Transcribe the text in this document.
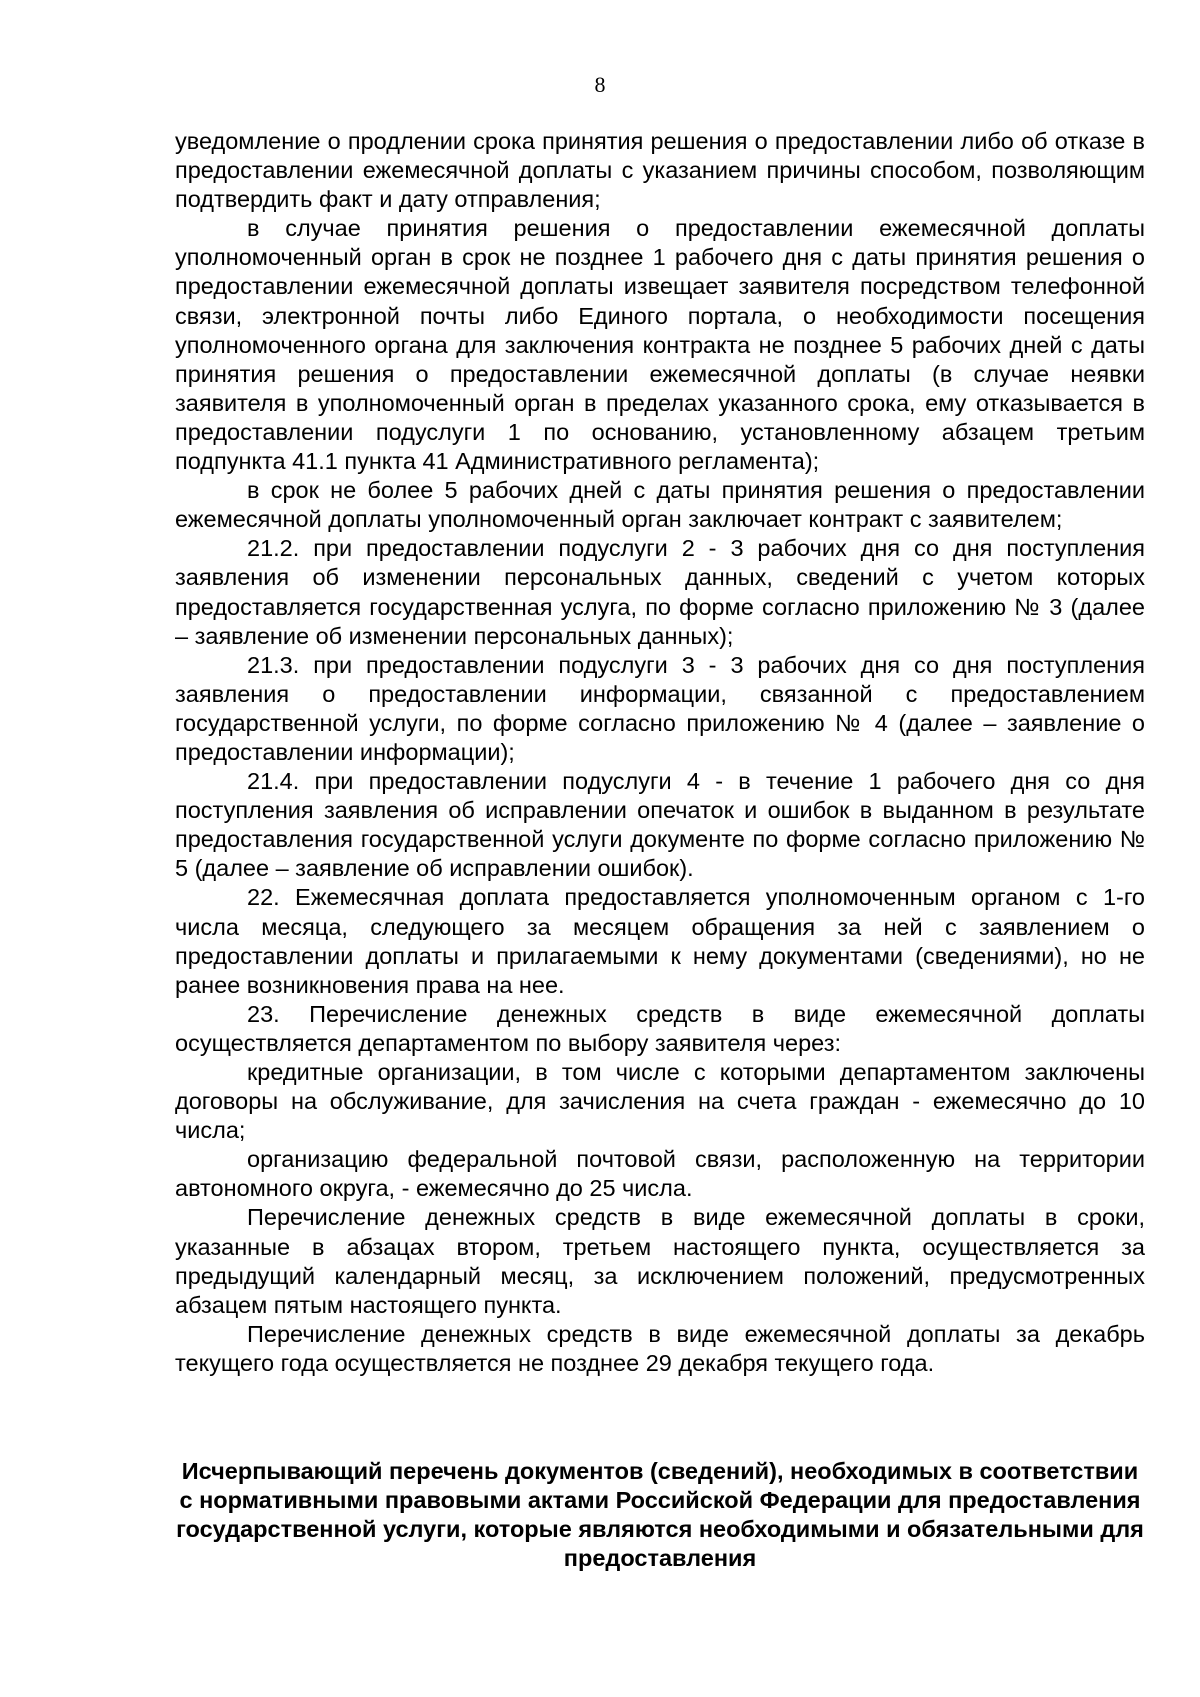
8

уведомление о продлении срока принятия решения о предоставлении либо об отказе в предоставлении ежемесячной доплаты с указанием причины способом, позволяющим подтвердить факт и дату отправления;

в случае принятия решения о предоставлении ежемесячной доплаты уполномоченный орган в срок не позднее 1 рабочего дня с даты принятия решения о предоставлении ежемесячной доплаты извещает заявителя посредством телефонной связи, электронной почты либо Единого портала, о необходимости посещения уполномоченного органа для заключения контракта не позднее 5 рабочих дней с даты принятия решения о предоставлении ежемесячной доплаты (в случае неявки заявителя в уполномоченный орган в пределах указанного срока, ему отказывается в предоставлении подуслуги 1 по основанию, установленному абзацем третьим подпункта 41.1 пункта 41 Административного регламента);

в срок не более 5 рабочих дней с даты принятия решения о предоставлении ежемесячной доплаты уполномоченный орган заключает контракт с заявителем;

21.2. при предоставлении подуслуги 2 - 3 рабочих дня со дня поступления заявления об изменении персональных данных, сведений с учетом которых предоставляется государственная услуга, по форме согласно приложению № 3 (далее – заявление об изменении персональных данных);

21.3. при предоставлении подуслуги 3 - 3 рабочих дня со дня поступления заявления о предоставлении информации, связанной с предоставлением государственной услуги, по форме согласно приложению № 4 (далее – заявление о предоставлении информации);

21.4. при предоставлении подуслуги 4 - в течение 1 рабочего дня со дня поступления заявления об исправлении опечаток и ошибок в выданном в результате предоставления государственной услуги документе по форме согласно приложению № 5 (далее – заявление об исправлении ошибок).

22. Ежемесячная доплата предоставляется уполномоченным органом с 1-го числа месяца, следующего за месяцем обращения за ней с заявлением о предоставлении доплаты и прилагаемыми к нему документами (сведениями), но не ранее возникновения права на нее.

23. Перечисление денежных средств в виде ежемесячной доплаты осуществляется департаментом по выбору заявителя через:

кредитные организации, в том числе с которыми департаментом заключены договоры на обслуживание, для зачисления на счета граждан - ежемесячно до 10 числа;

организацию федеральной почтовой связи, расположенную на территории автономного округа, - ежемесячно до 25 числа.

Перечисление денежных средств в виде ежемесячной доплаты в сроки, указанные в абзацах втором, третьем настоящего пункта, осуществляется за предыдущий календарный месяц, за исключением положений, предусмотренных абзацем пятым настоящего пункта.

Перечисление денежных средств в виде ежемесячной доплаты за декабрь текущего года осуществляется не позднее 29 декабря текущего года.

Исчерпывающий перечень документов (сведений), необходимых в соответствии с нормативными правовыми актами Российской Федерации для предоставления государственной услуги, которые являются необходимыми и обязательными для предоставления
